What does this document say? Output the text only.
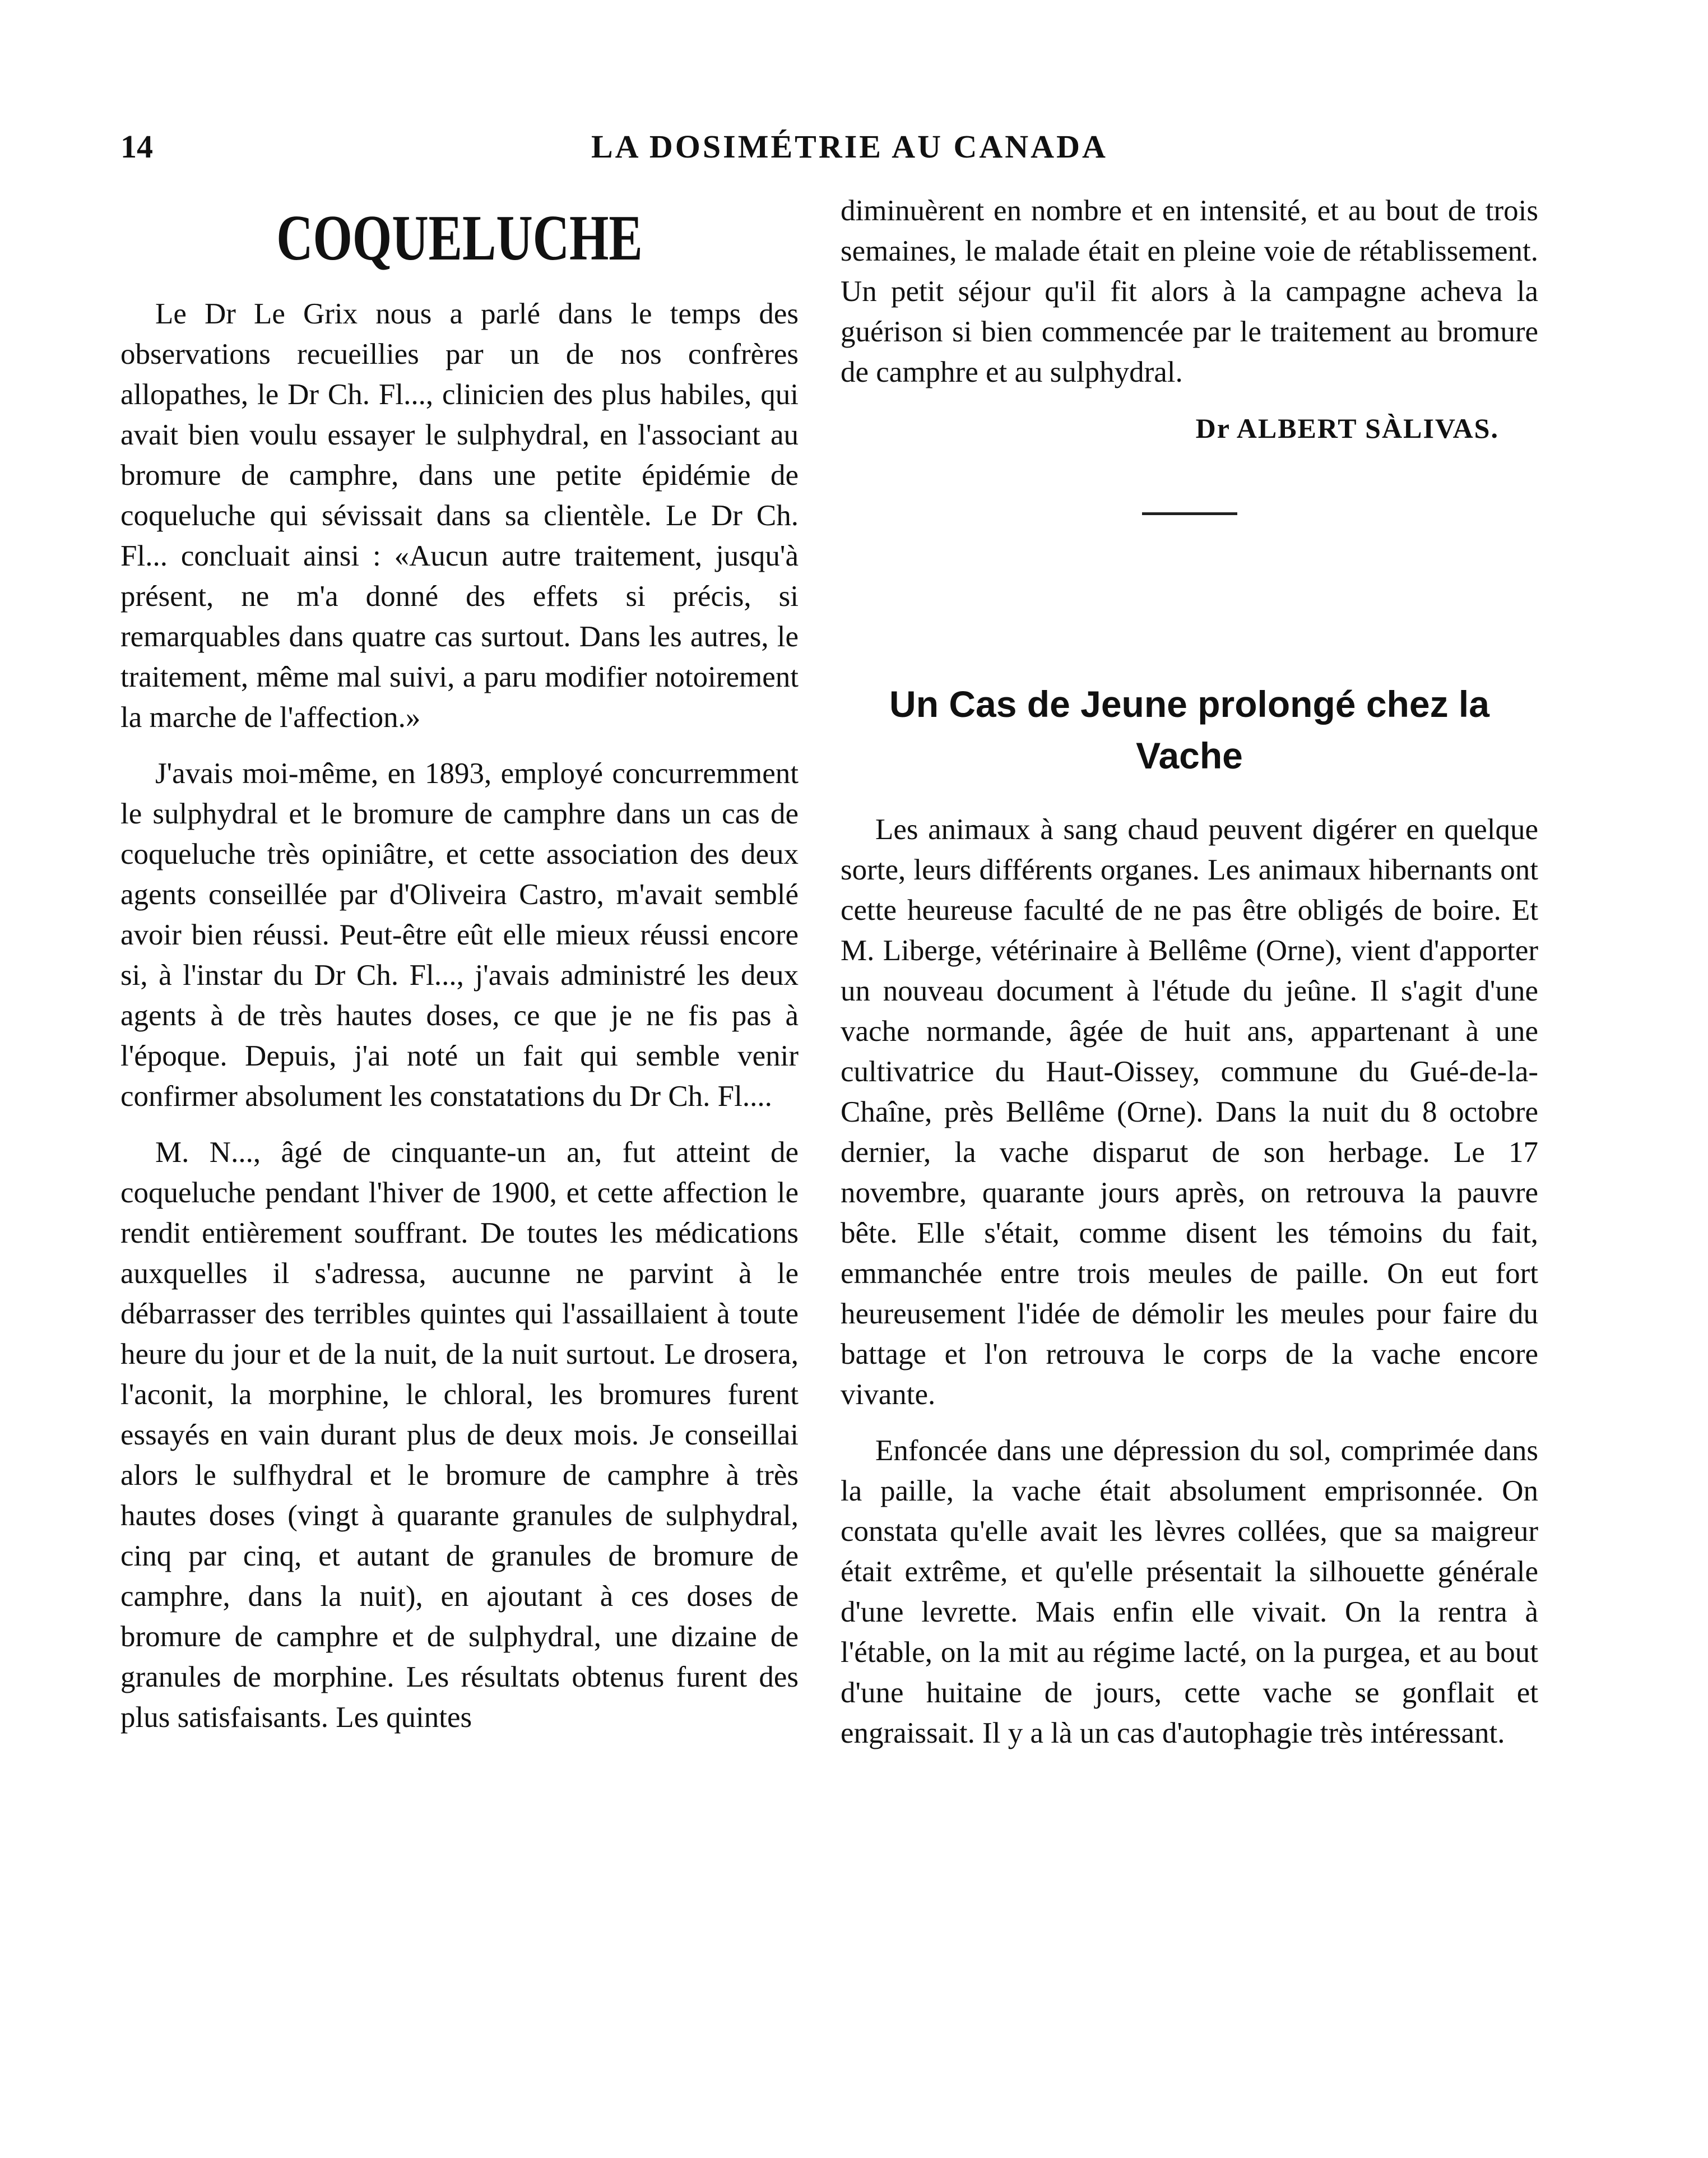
14	LA DOSIMÉTRIE AU CANADA
COQUELUCHE

Le Dr Le Grix nous a parlé dans le temps des observations recueillies par un de nos confrères allopathes, le Dr Ch. Fl..., clinicien des plus habiles, qui avait bien voulu essayer le sulphydral, en l'associant au bromure de camphre, dans une petite épidémie de coqueluche qui sévissait dans sa clientèle. Le Dr Ch. Fl... concluait ainsi : «Aucun autre traitement, jusqu'à présent, ne m'a donné des effets si précis, si remarquables dans quatre cas surtout. Dans les autres, le traitement, même mal suivi, a paru modifier notoirement la marche de l'affection.»

J'avais moi-même, en 1893, employé concurremment le sulphydral et le bromure de camphre dans un cas de coqueluche très opiniâtre, et cette association des deux agents conseillée par d'Oliveira Castro, m'avait semblé avoir bien réussi. Peut-être eût elle mieux réussi encore si, à l'instar du Dr Ch. Fl..., j'avais administré les deux agents à de très hautes doses, ce que je ne fis pas à l'époque. Depuis, j'ai noté un fait qui semble venir confirmer absolument les constatations du Dr Ch. Fl....

M. N..., âgé de cinquante-un an, fut atteint de coqueluche pendant l'hiver de 1900, et cette affection le rendit entièrement souffrant. De toutes les médications auxquelles il s'adressa, aucunne ne parvint à le débarrasser des terribles quintes qui l'assaillaient à toute heure du jour et de la nuit, de la nuit surtout. Le drosera, l'aconit, la morphine, le chloral, les bromures furent essayés en vain durant plus de deux mois. Je conseillai alors le sulfhydral et le bromure de camphre à très hautes doses (vingt à quarante granules de sulphydral, cinq par cinq, et autant de granules de bromure de camphre, dans la nuit), en ajoutant à ces doses de bromure de camphre et de sulphydral, une dizaine de granules de morphine. Les résultats obtenus furent des plus satisfaisants. Les quintes

diminuèrent en nombre et en intensité, et au bout de trois semaines, le malade était en pleine voie de rétablissement. Un petit séjour qu'il fit alors à la campagne acheva la guérison si bien commencée par le traitement au bromure de camphre et au sulphydral.

Dr ALBERT SÀLIVAS.
Un Cas de Jeune prolongé chez la Vache

Les animaux à sang chaud peuvent digérer en quelque sorte, leurs différents organes. Les animaux hibernants ont cette heureuse faculté de ne pas être obligés de boire. Et M. Liberge, vétérinaire à Bellême (Orne), vient d'apporter un nouveau document à l'étude du jeûne. Il s'agit d'une vache normande, âgée de huit ans, appartenant à une cultivatrice du Haut-Oissey, commune du Gué-de-la-Chaîne, près Bellême (Orne). Dans la nuit du 8 octobre dernier, la vache disparut de son herbage. Le 17 novembre, quarante jours après, on retrouva la pauvre bête. Elle s'était, comme disent les témoins du fait, emmanchée entre trois meules de paille. On eut fort heureusement l'idée de démolir les meules pour faire du battage et l'on retrouva le corps de la vache encore vivante.

Enfoncée dans une dépression du sol, comprimée dans la paille, la vache était absolument emprisonnée. On constata qu'elle avait les lèvres collées, que sa maigreur était extrême, et qu'elle présentait la silhouette générale d'une levrette. Mais enfin elle vivait. On la rentra à l'étable, on la mit au régime lacté, on la purgea, et au bout d'une huitaine de jours, cette vache se gonflait et engraissait. Il y a là un cas d'autophagie très intéressant.
